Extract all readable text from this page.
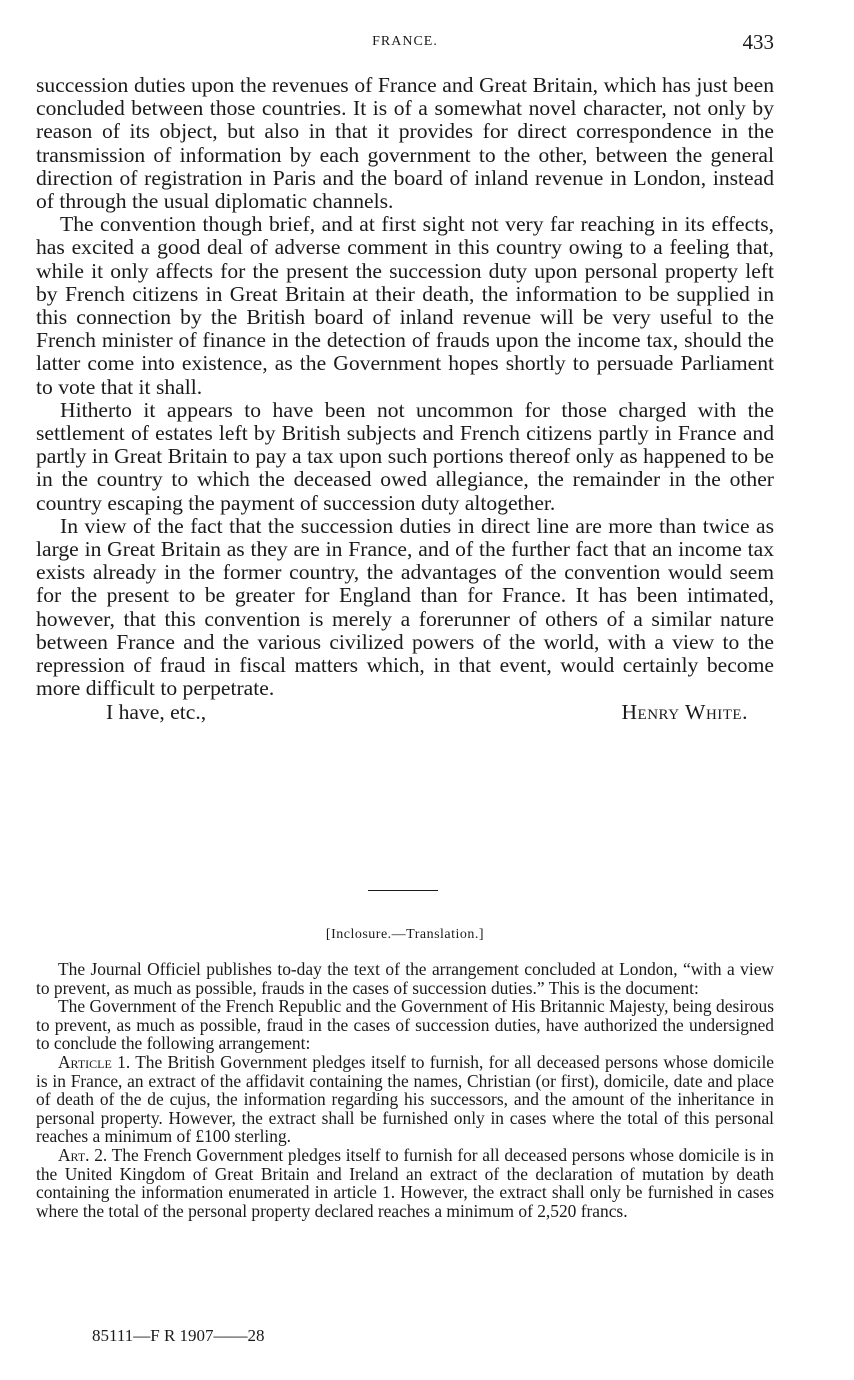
FRANCE.	433

succession duties upon the revenues of France and Great Britain, which has just been concluded between those countries. It is of a somewhat novel character, not only by reason of its object, but also in that it provides for direct correspondence in the transmission of information by each government to the other, between the general direction of registration in Paris and the board of inland revenue in London, instead of through the usual diplomatic channels.

The convention though brief, and at first sight not very far reaching in its effects, has excited a good deal of adverse comment in this country owing to a feeling that, while it only affects for the present the succession duty upon personal property left by French citizens in Great Britain at their death, the information to be supplied in this connection by the British board of inland revenue will be very useful to the French minister of finance in the detection of frauds upon the income tax, should the latter come into existence, as the Government hopes shortly to persuade Parliament to vote that it shall.

Hitherto it appears to have been not uncommon for those charged with the settlement of estates left by British subjects and French citizens partly in France and partly in Great Britain to pay a tax upon such portions thereof only as happened to be in the country to which the deceased owed allegiance, the remainder in the other country escaping the payment of succession duty altogether.

In view of the fact that the succession duties in direct line are more than twice as large in Great Britain as they are in France, and of the further fact that an income tax exists already in the former country, the advantages of the convention would seem for the present to be greater for England than for France. It has been intimated, however, that this convention is merely a forerunner of others of a similar nature between France and the various civilized powers of the world, with a view to the repression of fraud in fiscal matters which, in that event, would certainly become more difficult to perpetrate.

I have, etc.,	Henry White.
[Inclosure.—Translation.]

The Journal Officiel publishes to-day the text of the arrangement concluded at London, “with a view to prevent, as much as possible, frauds in the cases of succession duties.” This is the document:

The Government of the French Republic and the Government of His Britannic Majesty, being desirous to prevent, as much as possible, fraud in the cases of succession duties, have authorized the undersigned to conclude the following arrangement:

Article 1. The British Government pledges itself to furnish, for all deceased persons whose domicile is in France, an extract of the affidavit containing the names, Christian (or first), domicile, date and place of death of the de cujus, the information regarding his successors, and the amount of the inheritance in personal property. However, the extract shall be furnished only in cases where the total of this personal reaches a minimum of £100 sterling.

Art. 2. The French Government pledges itself to furnish for all deceased persons whose domicile is in the United Kingdom of Great Britain and Ireland an extract of the declaration of mutation by death containing the information enumerated in article 1. However, the extract shall only be furnished in cases where the total of the personal property declared reaches a minimum of 2,520 francs.

85111—F R 1907——28
